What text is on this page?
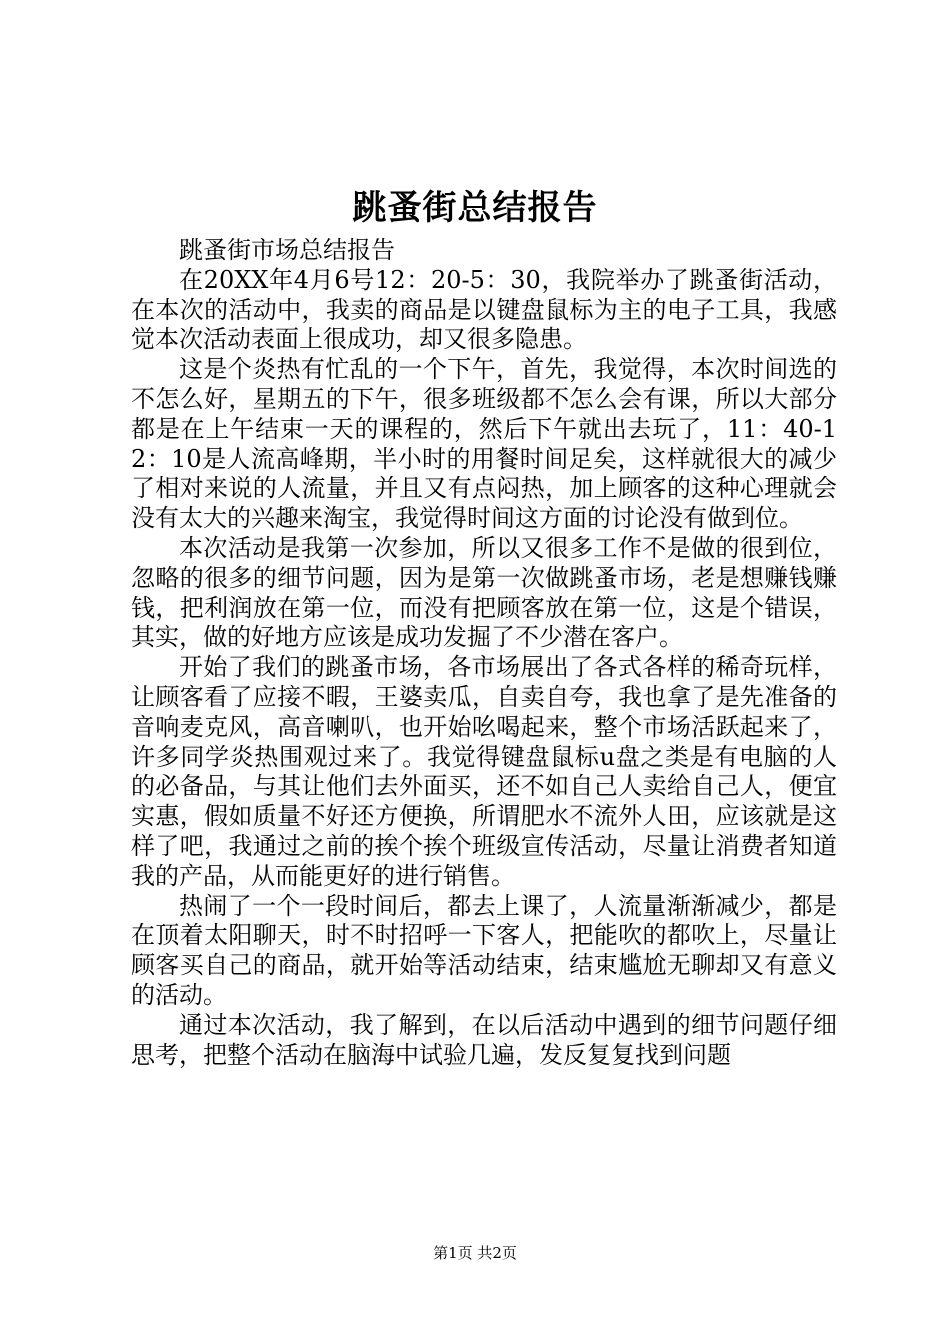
跳蚤街总结报告

跳蚤街市场总结报告

在20XX年4月6号12：20-5：30，我院举办了跳蚤街活动，在本次的活动中，我卖的商品是以键盘鼠标为主的电子工具，我感觉本次活动表面上很成功，却又很多隐患。

这是个炎热有忙乱的一个下午，首先，我觉得，本次时间选的不怎么好，星期五的下午，很多班级都不怎么会有课，所以大部分都是在上午结束一天的课程的，然后下午就出去玩了，11：40-12：10是人流高峰期，半小时的用餐时间足矣，这样就很大的减少了相对来说的人流量，并且又有点闷热，加上顾客的这种心理就会没有太大的兴趣来淘宝，我觉得时间这方面的讨论没有做到位。

本次活动是我第一次参加，所以又很多工作不是做的很到位，忽略的很多的细节问题，因为是第一次做跳蚤市场，老是想赚钱赚钱，把利润放在第一位，而没有把顾客放在第一位，这是个错误，其实，做的好地方应该是成功发掘了不少潜在客户。

开始了我们的跳蚤市场，各市场展出了各式各样的稀奇玩样，让顾客看了应接不暇，王婆卖瓜，自卖自夸，我也拿了是先准备的音响麦克风，高音喇叭，也开始吆喝起来，整个市场活跃起来了，许多同学炎热围观过来了。我觉得键盘鼠标u盘之类是有电脑的人的必备品，与其让他们去外面买，还不如自己人卖给自己人，便宜实惠，假如质量不好还方便换，所谓肥水不流外人田，应该就是这样了吧，我通过之前的挨个挨个班级宣传活动，尽量让消费者知道我的产品，从而能更好的进行销售。

热闹了一个一段时间后，都去上课了，人流量渐渐减少，都是在顶着太阳聊天，时不时招呼一下客人，把能吹的都吹上，尽量让顾客买自己的商品，就开始等活动结束，结束尴尬无聊却又有意义的活动。

通过本次活动，我了解到，在以后活动中遇到的细节问题仔细思考，把整个活动在脑海中试验几遍，发反复复找到问题

第1页 共2页
